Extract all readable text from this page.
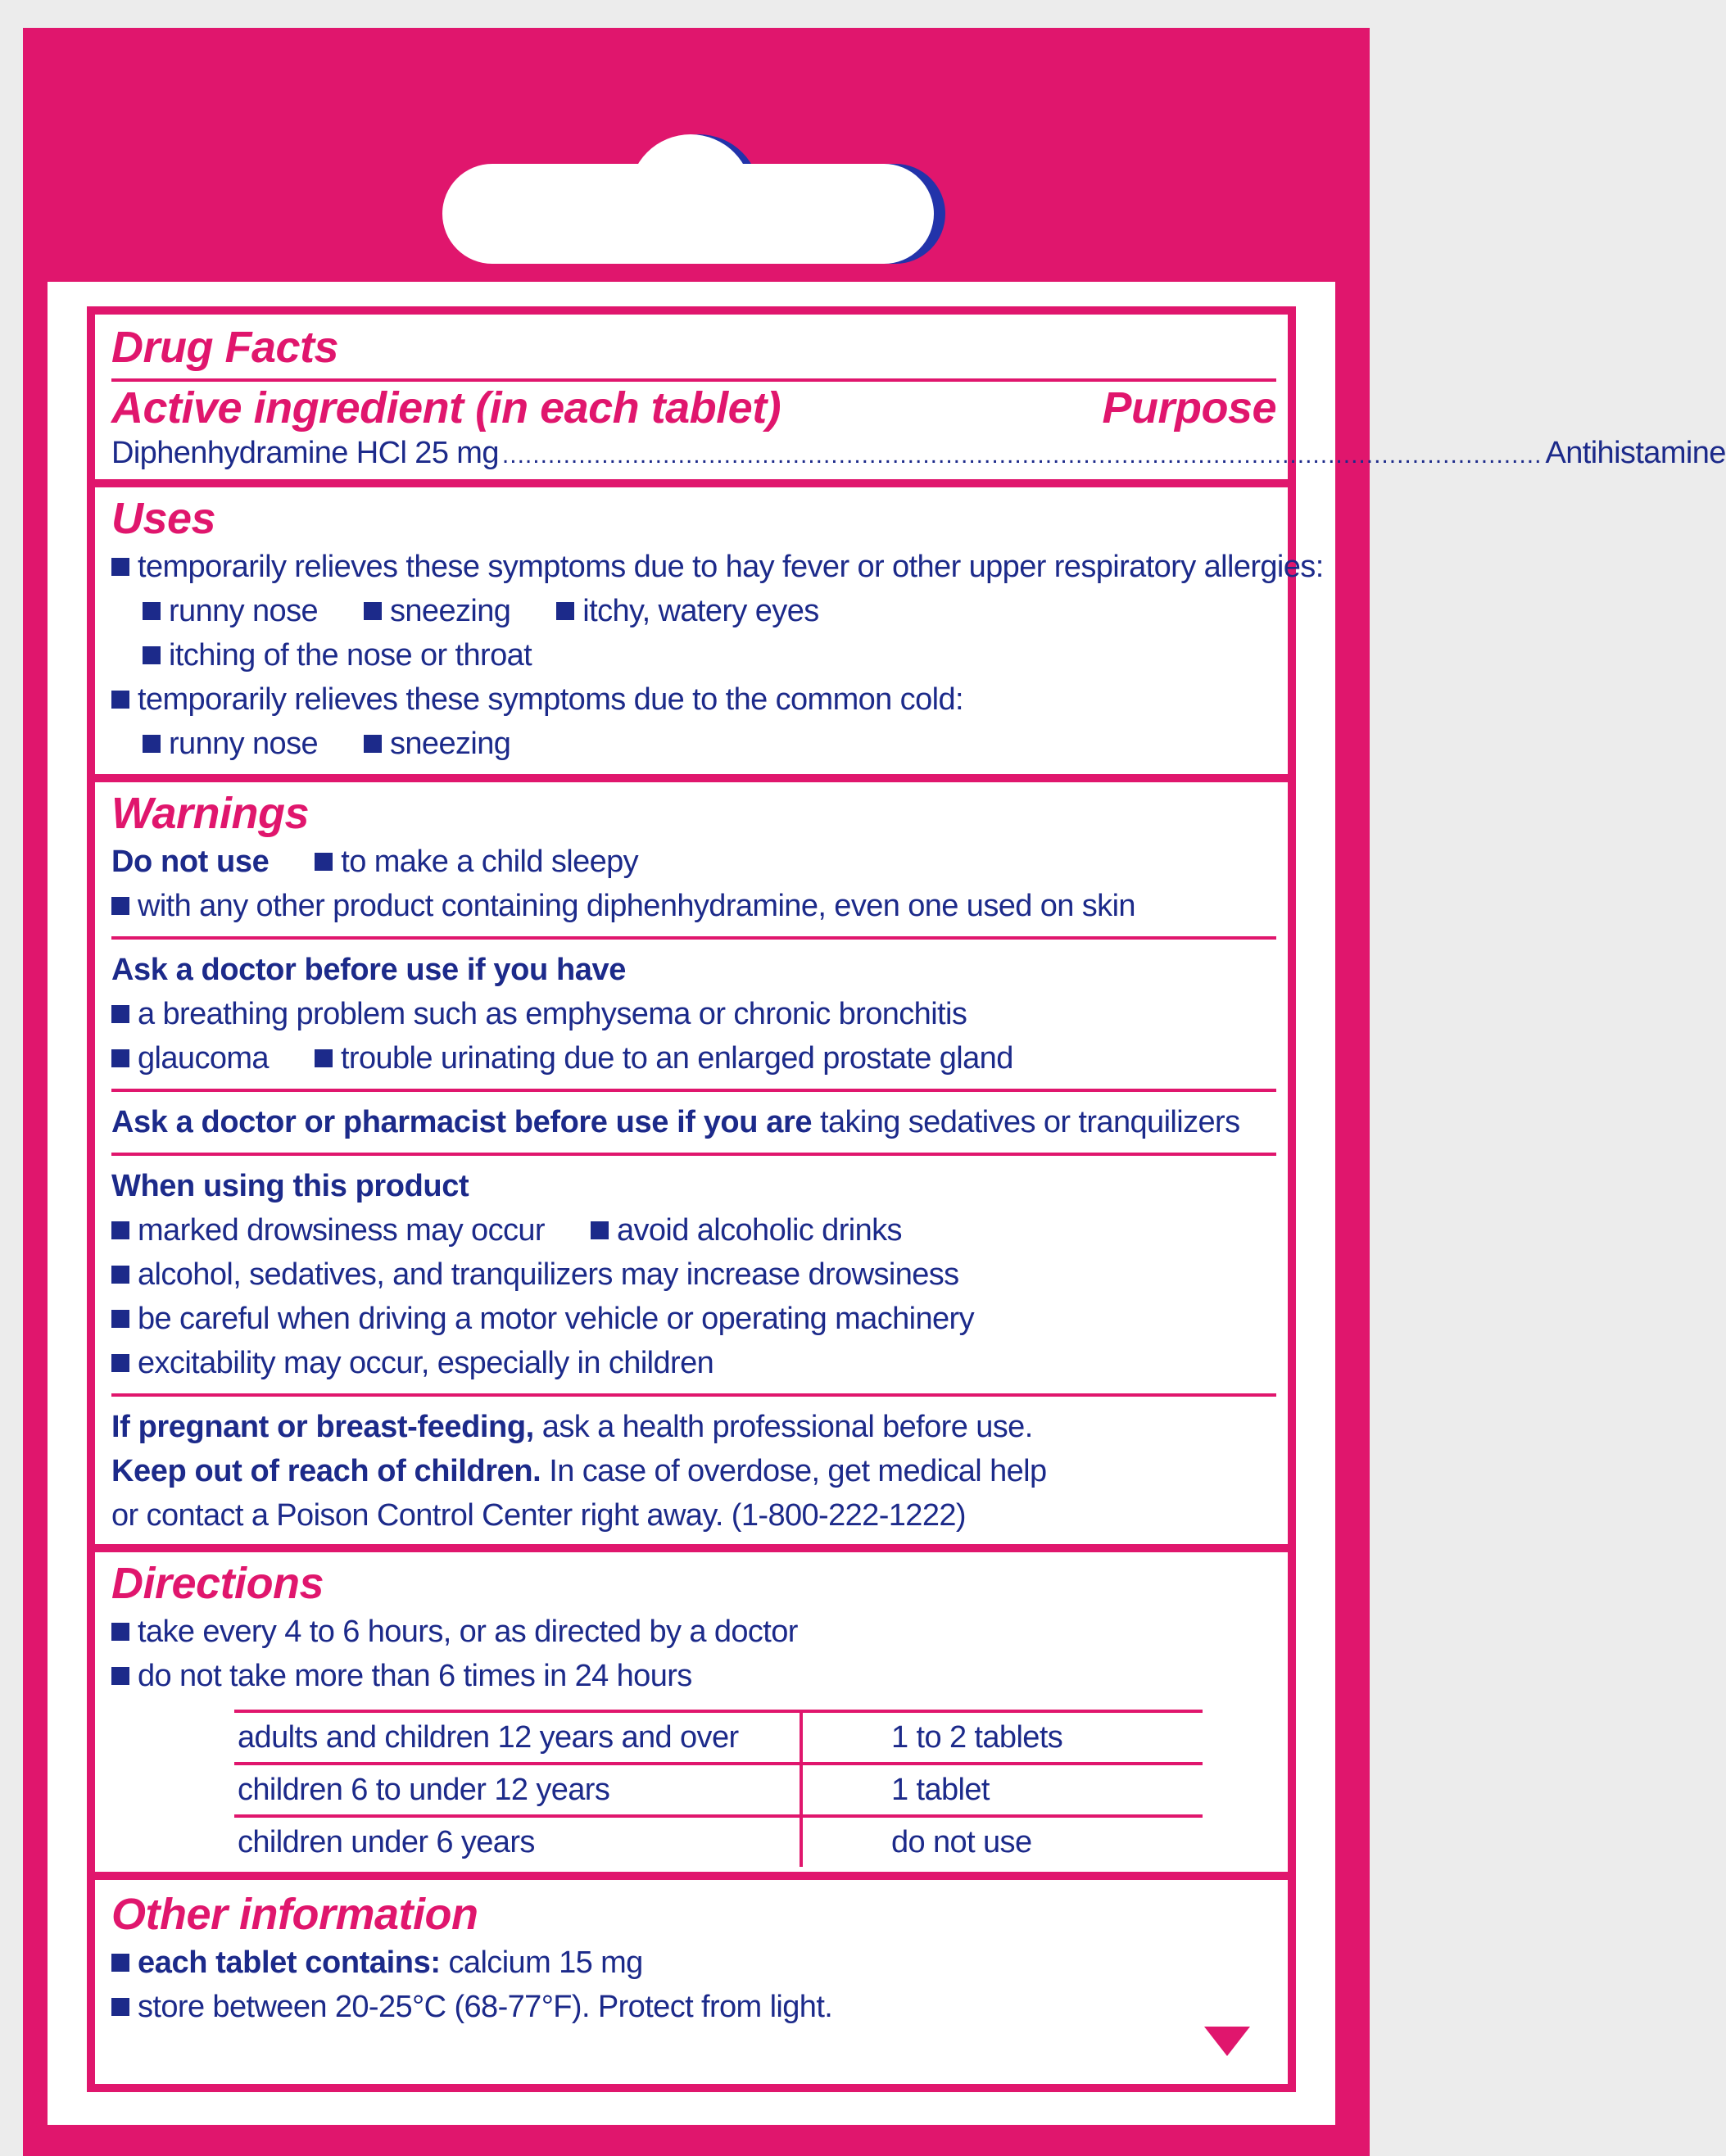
Drug Facts
Active ingredient (in each tablet)	Purpose
Diphenhydramine HCl 25 mg ........................................................................................................................................ Antihistamine
Uses
temporarily relieves these symptoms due to hay fever or other upper respiratory allergies:
runny nose sneezing itchy, watery eyes
itching of the nose or throat
temporarily relieves these symptoms due to the common cold:
runny nose sneezing
Warnings
Do not use to make a child sleepy
with any other product containing diphenhydramine, even one used on skin
Ask a doctor before use if you have
a breathing problem such as emphysema or chronic bronchitis
glaucoma trouble urinating due to an enlarged prostate gland
Ask a doctor or pharmacist before use if you are taking sedatives or tranquilizers
When using this product
marked drowsiness may occur avoid alcoholic drinks
alcohol, sedatives, and tranquilizers may increase drowsiness
be careful when driving a motor vehicle or operating machinery
excitability may occur, especially in children
If pregnant or breast-feeding, ask a health professional before use.
Keep out of reach of children. In case of overdose, get medical help
or contact a Poison Control Center right away. (1-800-222-1222)
Directions
take every 4 to 6 hours, or as directed by a doctor
do not take more than 6 times in 24 hours
adults and children 12 years and over	1 to 2 tablets
children 6 to under 12 years	1 tablet
children under 6 years	do not use
Other information
each tablet contains: calcium 15 mg
store between 20-25°C (68-77°F). Protect from light.
